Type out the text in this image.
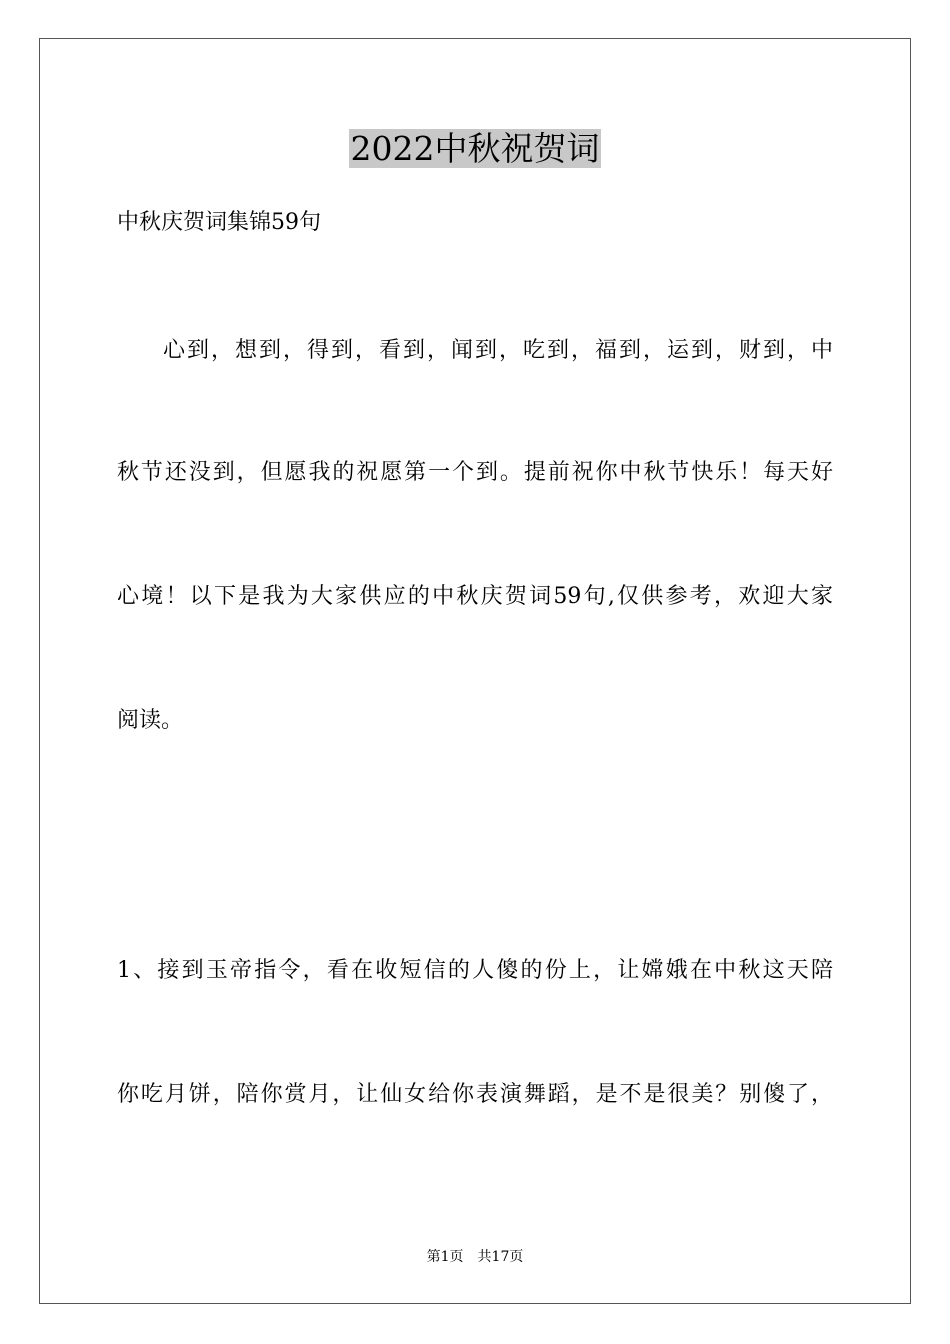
2022中秋祝贺词

中秋庆贺词集锦59句

心到，想到，得到，看到，闻到，吃到，福到，运到，财到，中

秋节还没到，但愿我的祝愿第一个到。提前祝你中秋节快乐！每天好

心境！以下是我为大家供应的中秋庆贺词59句,仅供参考，欢迎大家

阅读。

1、接到玉帝指令，看在收短信的人傻的份上，让嫦娥在中秋这天陪

你吃月饼，陪你赏月，让仙女给你表演舞蹈，是不是很美？别傻了，

第1页　共17页
